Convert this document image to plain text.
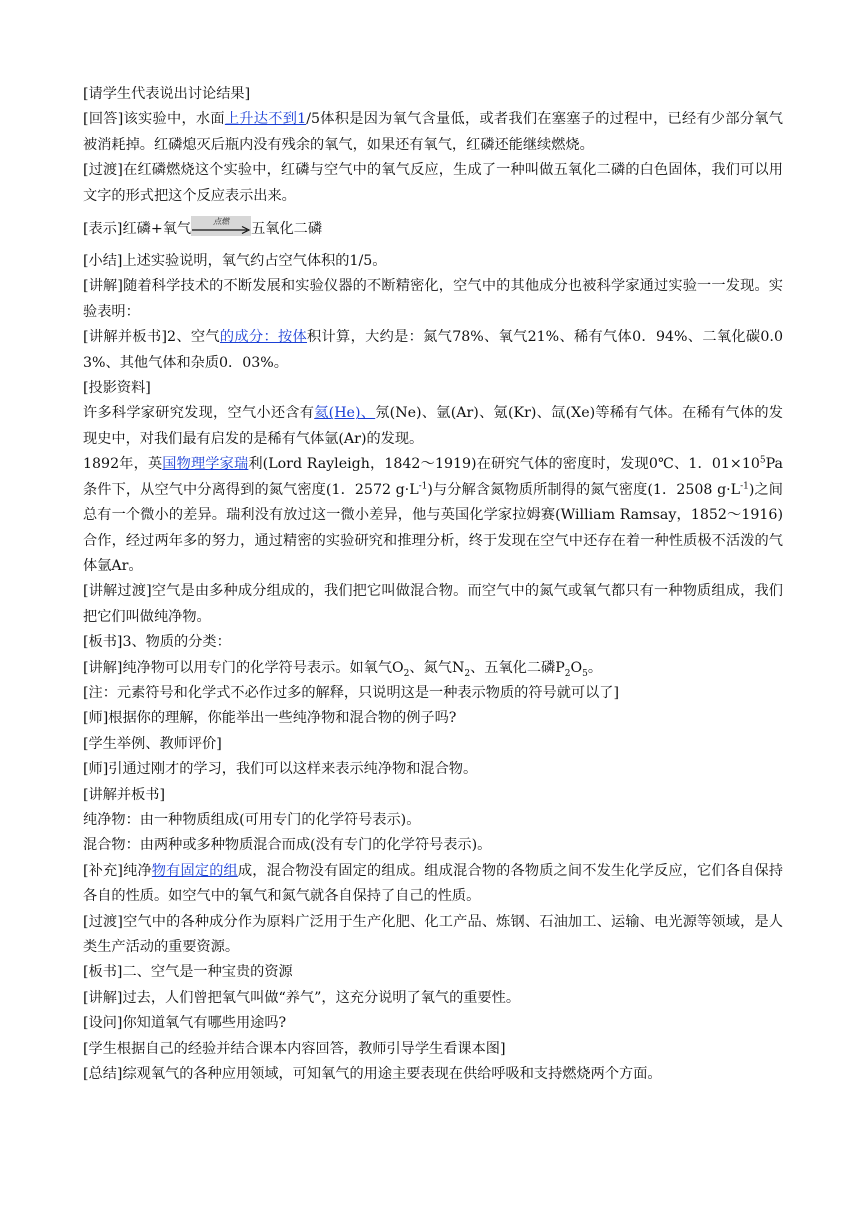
[请学生代表说出讨论结果]

[回答]该实验中，水面上升达不到1/5体积是因为氧气含量低，或者我们在塞塞子的过程中，已经有少部分氧气被消耗掉。红磷熄灭后瓶内没有残余的氧气，如果还有氧气，红磷还能继续燃烧。

[过渡]在红磷燃烧这个实验中，红磷与空气中的氧气反应，生成了一种叫做五氧化二磷的白色固体，我们可以用文字的形式把这个反应表示出来。

[表示]红磷+氧气	点燃	五氧化二磷

[小结]上述实验说明，氧气约占空气体积的1/5。

[讲解]随着科学技术的不断发展和实验仪器的不断精密化，空气中的其他成分也被科学家通过实验一一发现。实验表明：

[讲解并板书]2、空气的成分：按体积计算，大约是：氮气78%、氧气21%、稀有气体0．94%、二氧化碳0.03%、其他气体和杂质0．03%。

[投影资料]

许多科学家研究发现，空气小还含有氦(He)、氖(Ne)、氩(Ar)、氪(Kr)、氙(Xe)等稀有气体。在稀有气体的发现史中，对我们最有启发的是稀有气体氩(Ar)的发现。

1892年，英国物理学家瑞利(Lord Rayleigh，1842～1919)在研究气体的密度时，发现0℃、1．$01\times 10^5Pa$条件下，从空气中分离得到的氮气密度(1．2572 $g\cdot L^{-1}$)与分解含氮物质所制得的氮气密度(1．2508 $g\cdot L^{-1}$)之间总有一个微小的差异。瑞利没有放过这一微小差异，他与英国化学家拉姆赛(William Ramsay，1852～1916)合作，经过两年多的努力，通过精密的实验研究和推理分析，终于发现在空气中还存在着一种性质极不活泼的气体氩Ar。

[讲解过渡]空气是由多种成分组成的，我们把它叫做混合物。而空气中的氮气或氧气都只有一种物质组成，我们把它们叫做纯净物。

[板书]3、物质的分类：

[讲解]纯净物可以用专门的化学符号表示。如氧气$O_2$、氮气$N_2$、五氧化二磷$P_2O_5$。

[注：元素符号和化学式不必作过多的解释，只说明这是一种表示物质的符号就可以了]

[师]根据你的理解，你能举出一些纯净物和混合物的例子吗?

[学生举例、教师评价]

[师]引通过刚才的学习，我们可以这样来表示纯净物和混合物。

[讲解并板书]

纯净物：由一种物质组成(可用专门的化学符号表示)。

混合物：由两种或多种物质混合而成(没有专门的化学符号表示)。

[补充]纯净物有固定的组成，混合物没有固定的组成。组成混合物的各物质之间不发生化学反应，它们各自保持各自的性质。如空气中的氧气和氮气就各自保持了自己的性质。

[过渡]空气中的各种成分作为原料广泛用于生产化肥、化工产品、炼钢、石油加工、运输、电光源等领域，是人类生产活动的重要资源。

[板书]二、空气是一种宝贵的资源

[讲解]过去，人们曾把氧气叫做“养气”，这充分说明了氧气的重要性。

[设问]你知道氧气有哪些用途吗?

[学生根据自己的经验并结合课本内容回答，教师引导学生看课本图]

[总结]综观氧气的各种应用领域，可知氧气的用途主要表现在供给呼吸和支持燃烧两个方面。
